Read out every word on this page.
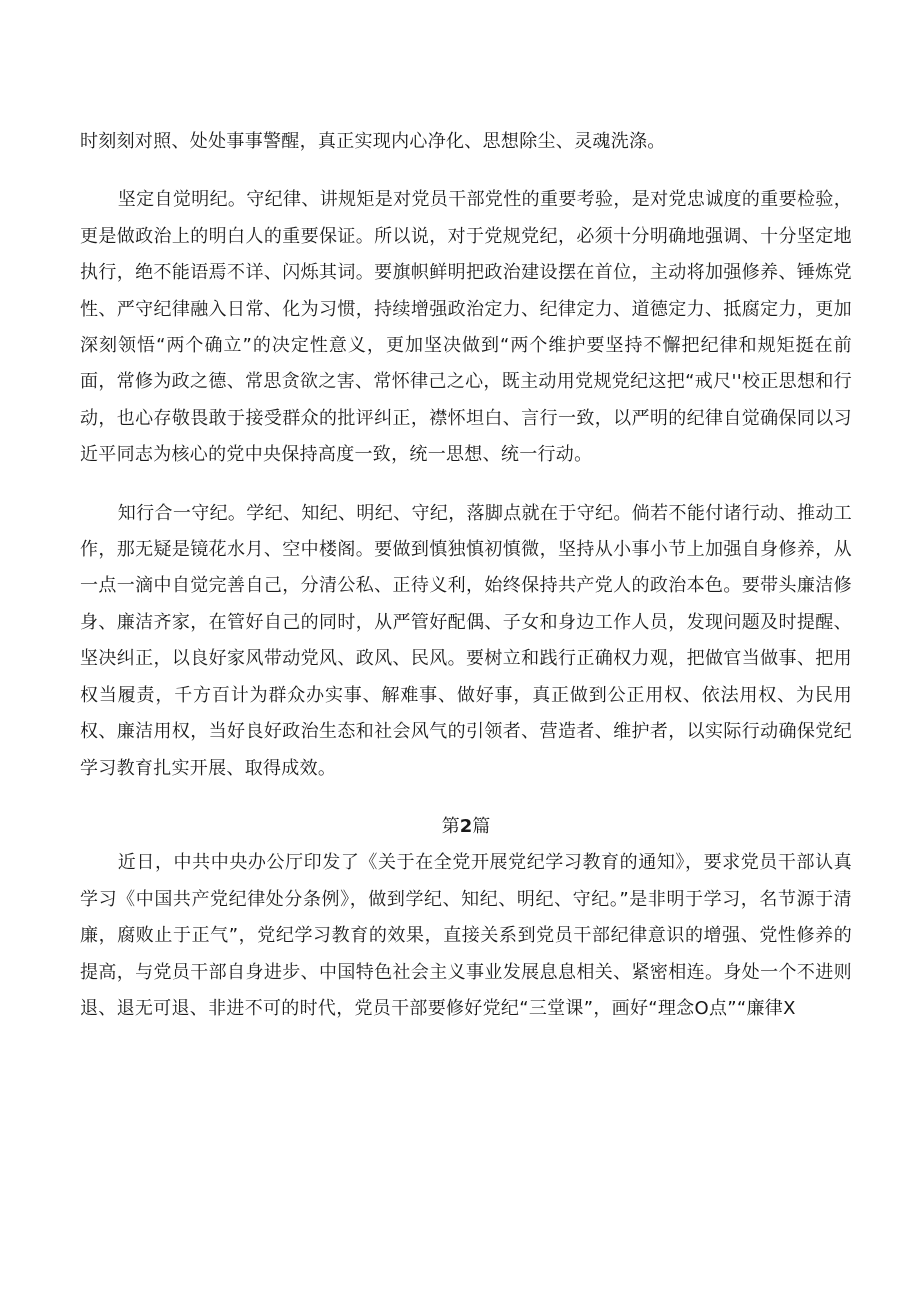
时刻刻对照、处处事事警醒，真正实现内心净化、思想除尘、灵魂洗涤。

坚定自觉明纪。守纪律、讲规矩是对党员干部党性的重要考验，是对党忠诚度的重要检验，更是做政治上的明白人的重要保证。所以说，对于党规党纪，必须十分明确地强调、十分坚定地执行，绝不能语焉不详、闪烁其词。要旗帜鲜明把政治建设摆在首位，主动将加强修养、锤炼党性、严守纪律融入日常、化为习惯，持续增强政治定力、纪律定力、道德定力、抵腐定力，更加深刻领悟“两个确立”的决定性意义，更加坚决做到“两个维护要坚持不懈把纪律和规矩挺在前面，常修为政之德、常思贪欲之害、常怀律己之心，既主动用党规党纪这把“戒尺''校正思想和行动，也心存敬畏敢于接受群众的批评纠正，襟怀坦白、言行一致，以严明的纪律自觉确保同以习近平同志为核心的党中央保持高度一致，统一思想、统一行动。

知行合一守纪。学纪、知纪、明纪、守纪，落脚点就在于守纪。倘若不能付诸行动、推动工作，那无疑是镜花水月、空中楼阁。要做到慎独慎初慎微，坚持从小事小节上加强自身修养，从一点一滴中自觉完善自己，分清公私、正待义利，始终保持共产党人的政治本色。要带头廉洁修身、廉洁齐家，在管好自己的同时，从严管好配偶、子女和身边工作人员，发现问题及时提醒、坚决纠正，以良好家风带动党风、政风、民风。要树立和践行正确权力观，把做官当做事、把用权当履责，千方百计为群众办实事、解难事、做好事，真正做到公正用权、依法用权、为民用权、廉洁用权，当好良好政治生态和社会风气的引领者、营造者、维护者，以实际行动确保党纪学习教育扎实开展、取得成效。

第2篇

近日，中共中央办公厅印发了《关于在全党开展党纪学习教育的通知》，要求党员干部认真学习《中国共产党纪律处分条例》，做到学纪、知纪、明纪、守纪。”是非明于学习，名节源于清廉，腐败止于正气”，党纪学习教育的效果，直接关系到党员干部纪律意识的增强、党性修养的提高，与党员干部自身进步、中国特色社会主义事业发展息息相关、紧密相连。身处一个不进则退、退无可退、非进不可的时代，党员干部要修好党纪“三堂课”，画好“理念O点”“廉律X
